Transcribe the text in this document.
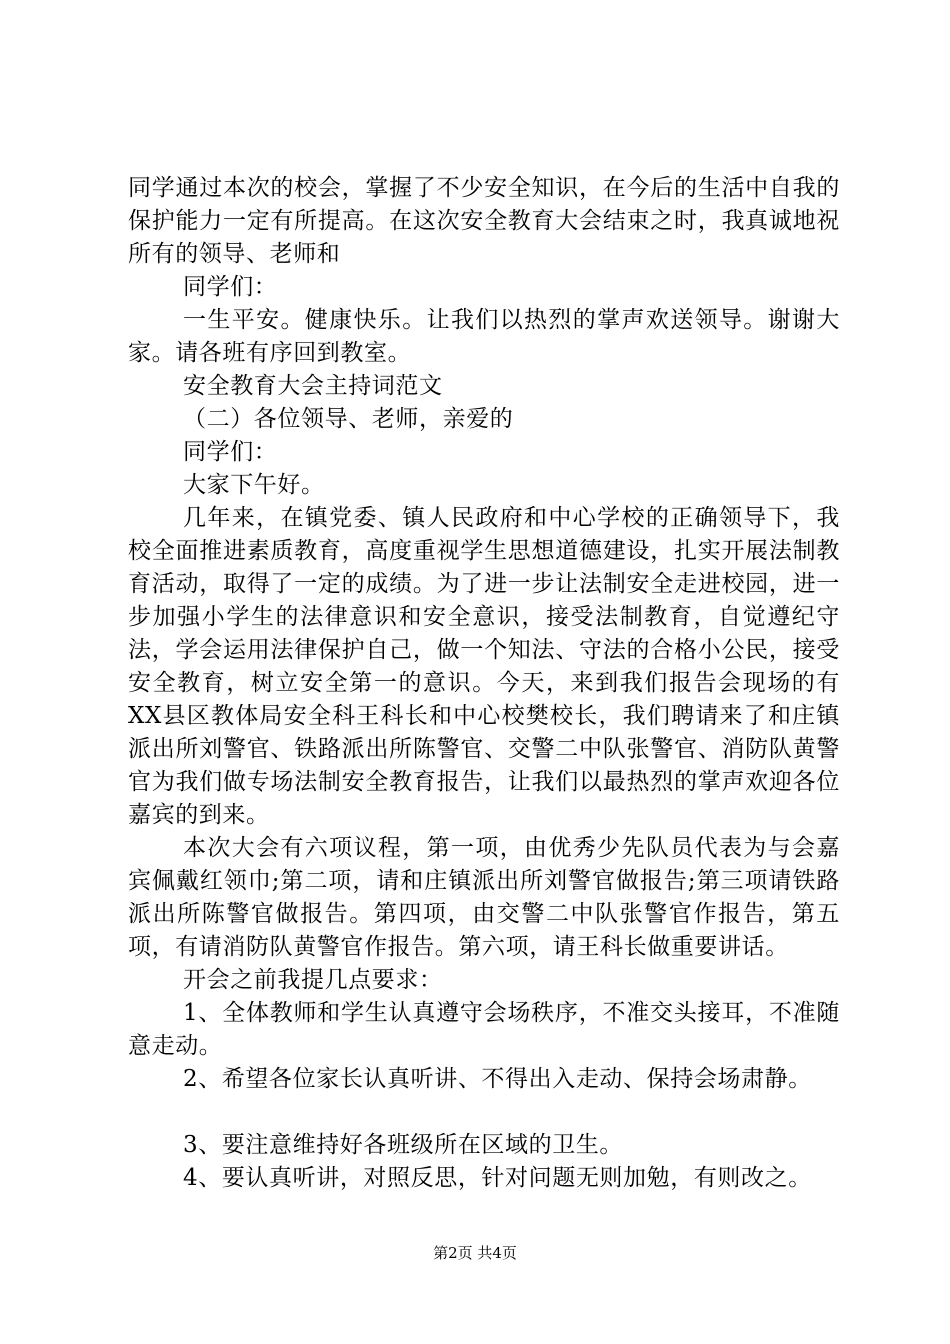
同学通过本次的校会，掌握了不少安全知识，在今后的生活中自我的保护能力一定有所提高。在这次安全教育大会结束之时，我真诚地祝所有的领导、老师和

同学们：

一生平安。健康快乐。让我们以热烈的掌声欢送领导。谢谢大家。请各班有序回到教室。

安全教育大会主持词范文

（二）各位领导、老师，亲爱的

同学们：

大家下午好。

几年来，在镇党委、镇人民政府和中心学校的正确领导下，我校全面推进素质教育，高度重视学生思想道德建设，扎实开展法制教育活动，取得了一定的成绩。为了进一步让法制安全走进校园，进一步加强小学生的法律意识和安全意识，接受法制教育，自觉遵纪守法，学会运用法律保护自己，做一个知法、守法的合格小公民，接受安全教育，树立安全第一的意识。今天，来到我们报告会现场的有XX县区教体局安全科王科长和中心校樊校长，我们聘请来了和庄镇派出所刘警官、铁路派出所陈警官、交警二中队张警官、消防队黄警官为我们做专场法制安全教育报告，让我们以最热烈的掌声欢迎各位嘉宾的到来。

本次大会有六项议程，第一项，由优秀少先队员代表为与会嘉宾佩戴红领巾;第二项，请和庄镇派出所刘警官做报告;第三项请铁路派出所陈警官做报告。第四项，由交警二中队张警官作报告，第五项，有请消防队黄警官作报告。第六项，请王科长做重要讲话。

开会之前我提几点要求：

1、全体教师和学生认真遵守会场秩序，不准交头接耳，不准随意走动。

2、希望各位家长认真听讲、不得出入走动、保持会场肃静。

3、要注意维持好各班级所在区域的卫生。

4、要认真听讲，对照反思，针对问题无则加勉，有则改之。

第2页 共4页
